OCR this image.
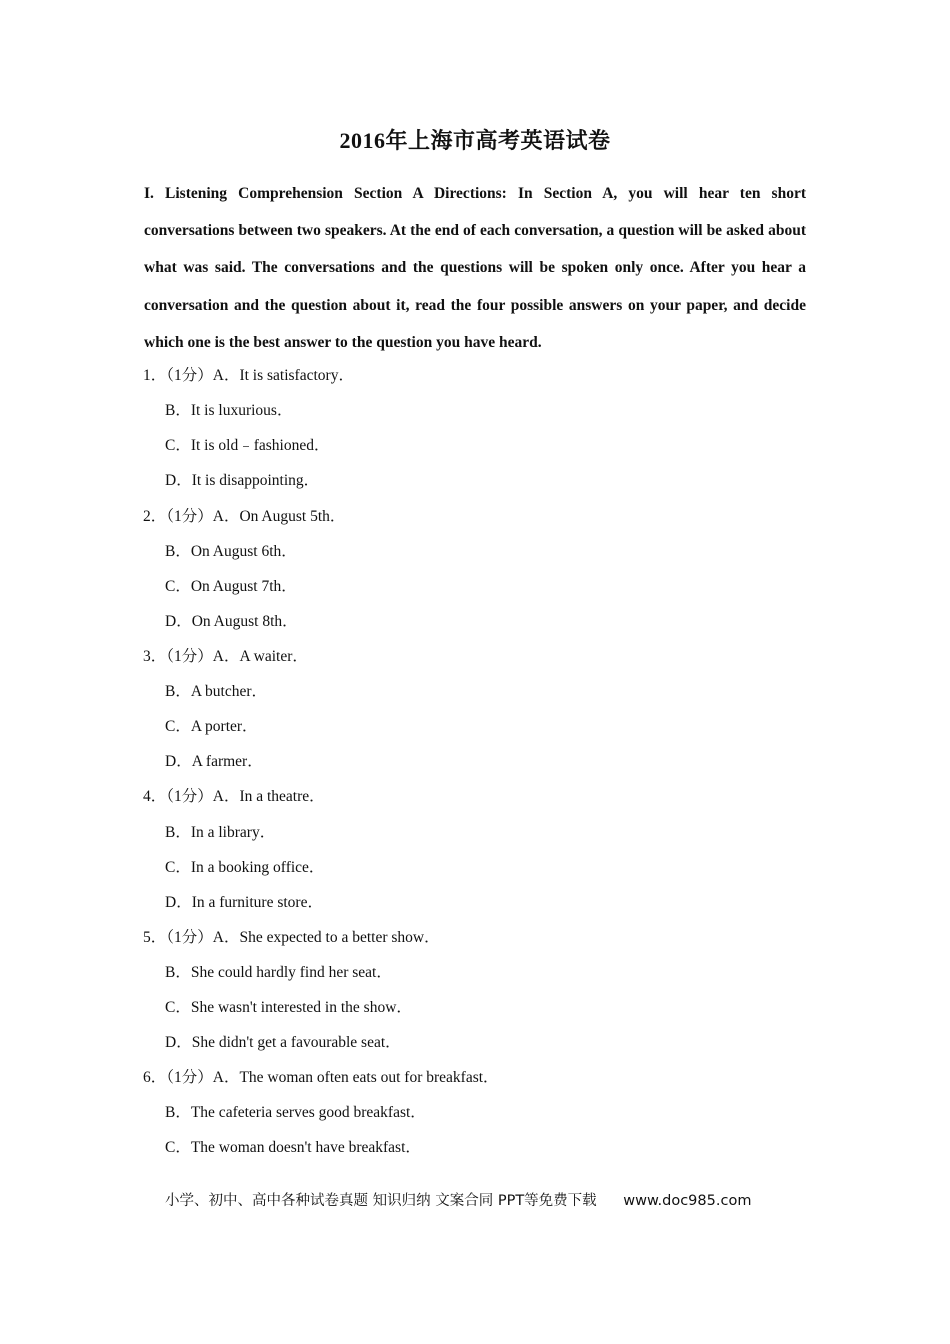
2016年上海市高考英语试卷
I. Listening Comprehension Section A Directions: In Section A, you will hear ten short conversations between two speakers. At the end of each conversation, a question will be asked about what was said. The conversations and the questions will be spoken only once. After you hear a conversation and the question about it, read the four possible answers on your paper, and decide which one is the best answer to the question you have heard.
1．（1分）A．It is satisfactory．
B．It is luxurious．
C．It is old﹣fashioned．
D．It is disappointing．
2．（1分）A．On August 5th．
B．On August 6th．
C．On August 7th．
D．On August 8th．
3．（1分）A．A waiter．
B．A butcher．
C．A porter．
D．A farmer．
4．（1分）A．In a theatre．
B．In a library．
C．In a booking office．
D．In a furniture store．
5．（1分）A．She expected to a better show．
B．She could hardly find her seat．
C．She wasn't interested in the show．
D．She didn't get a favourable seat．
6．（1分）A．The woman often eats out for breakfast．
B．The cafeteria serves good breakfast．
C．The woman doesn't have breakfast．
小学、初中、高中各种试卷真题 知识归纳 文案合同 PPT等免费下载 www.doc985.com
